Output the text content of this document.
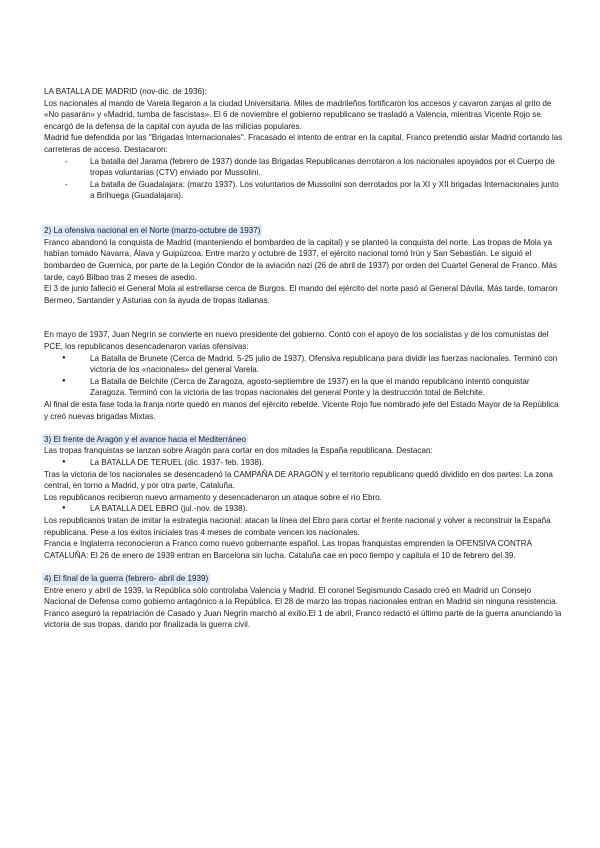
LA BATALLA DE MADRID (nov-dic. de 1936):

Los nacionales al mando de Varela llegaron a la ciudad Universitaria. Miles de madrileños fortificaron los accesos y cavaron zanjas al grito de «No pasarán» y «Madrid, tumba de fascistas». El 6 de noviembre el gobierno republicano se trasladó a Valencia, mientras Vicente Rojo se encargó de la defensa de la capital con ayuda de las milicias populares.

Madrid fue defendida por las "Brigadas Internacionales". Fracasado el intento de entrar en la capital, Franco pretendió aislar Madrid cortando las carreteras de acceso. Destacaron:

- La batalla del Jarama (febrero de 1937) donde las Brigadas Republicanas derrotaron a los nacionales apoyados por el Cuerpo de tropas voluntarias (CTV) enviado por Mussolini.
- La batalla de Guadalajara: (marzo 1937). Los voluntarios de Mussolini son derrotados por la XI y XII brigadas Internacionales junto a Brihuega (Guadalajara).

2) La ofensiva nacional en el Norte (marzo-octubre de 1937)

Franco abandonó la conquista de Madrid (manteniendo el bombardeo de la capital) y se planteó la conquista del norte. Las tropas de Mola ya habían tomado Navarra, Álava y Guipúzcoa. Entre marzo y octubre de 1937, el ejército nacional tomó Irún y San Sebastián. Le siguió el bombardeo de Guernica, por parte de la Legión Cóndor de la aviación nazi (26 de abril de 1937) por orden del Cuartel General de Franco. Más tarde, cayó Bilbao tras 2 meses de asedio.

El 3 de junio falleció el General Mola al estrellarse cerca de Burgos. El mando del ejército del norte pasó al General Dávila. Más tarde, tomaron Bermeo, Santander y Asturias con la ayuda de tropas italianas.

En mayo de 1937, Juan Negrín se convierte en nuevo presidente del gobierno. Contó con el apoyo de los socialistas y de los comunistas del PCE, los republicanos desencadenaron varias ofensivas:

● La Batalla de Brunete (Cerca de Madrid. 5-25 julio de 1937). Ofensiva republicana para dividir las fuerzas nacionales. Terminó con victoria de los «nacionales» del general Varela.
● La Batalla de Belchite (Cerca de Zaragoza, agosto-septiembre de 1937) en la que el mando republicano intentó conquistar Zaragoza. Terminó con la victoria de las tropas nacionales del general Ponte y la destrucción total de Belchite.

Al final de esta fase toda la franja norte quedó en manos del ejército rebelde. Vicente Rojo fue nombrado jefe del Estado Mayor de la República y creó nuevas brigadas Mixtas.

3) El frente de Aragón y el avance hacia el Mediterráneo

Las tropas franquistas se lanzan sobre Aragón para cortar en dos mitades la España republicana. Destacan:

● La BATALLA DE TERUEL (dic. 1937- feb. 1938).

Tras la victoria de los nacionales se desencadenó la CAMPAÑA DE ARAGÓN y el territorio republicano quedó dividido en dos partes: La zona central, en torno a Madrid, y por otra parte, Cataluña.

Los republicanos recibieron nuevo armamento y desencadenaron un ataque sobre el río Ebro.

● LA BATALLA DEL EBRO (jul.-nov. de 1938).

Los republicanos tratan de imitar la estrategia nacional: atacan la línea del Ebro para cortar el frente nacional y volver a reconstruir la España republicana. Pese a los éxitos iniciales tras 4 meses de combate vencen los nacionales.

Francia e Inglaterra reconocieron a Franco como nuevo gobernante español. Las tropas franquistas emprenden la OFENSIVA CONTRA CATALUÑA: El 26 de enero de 1939 entran en Barcelona sin lucha. Cataluña cae en poco tiempo y capitula el 10 de febrero del 39.

4) El final de la guerra (febrero- abril de 1939)

Entre enero y abril de 1939, la República sólo controlaba Valencia y Madrid. El coronel Segismundo Casado creó en Madrid un Consejo Nacional de Defensa como gobierno antagónico a la República. El 28 de marzo las tropas nacionales entran en Madrid sin ninguna resistencia. Franco aseguró la repatriación de Casado y Juan Negrín marchó al exilio.El 1 de abril, Franco redactó el último parte de la guerra anunciando la victoria de sus tropas, dando por finalizada la guerra civil.
